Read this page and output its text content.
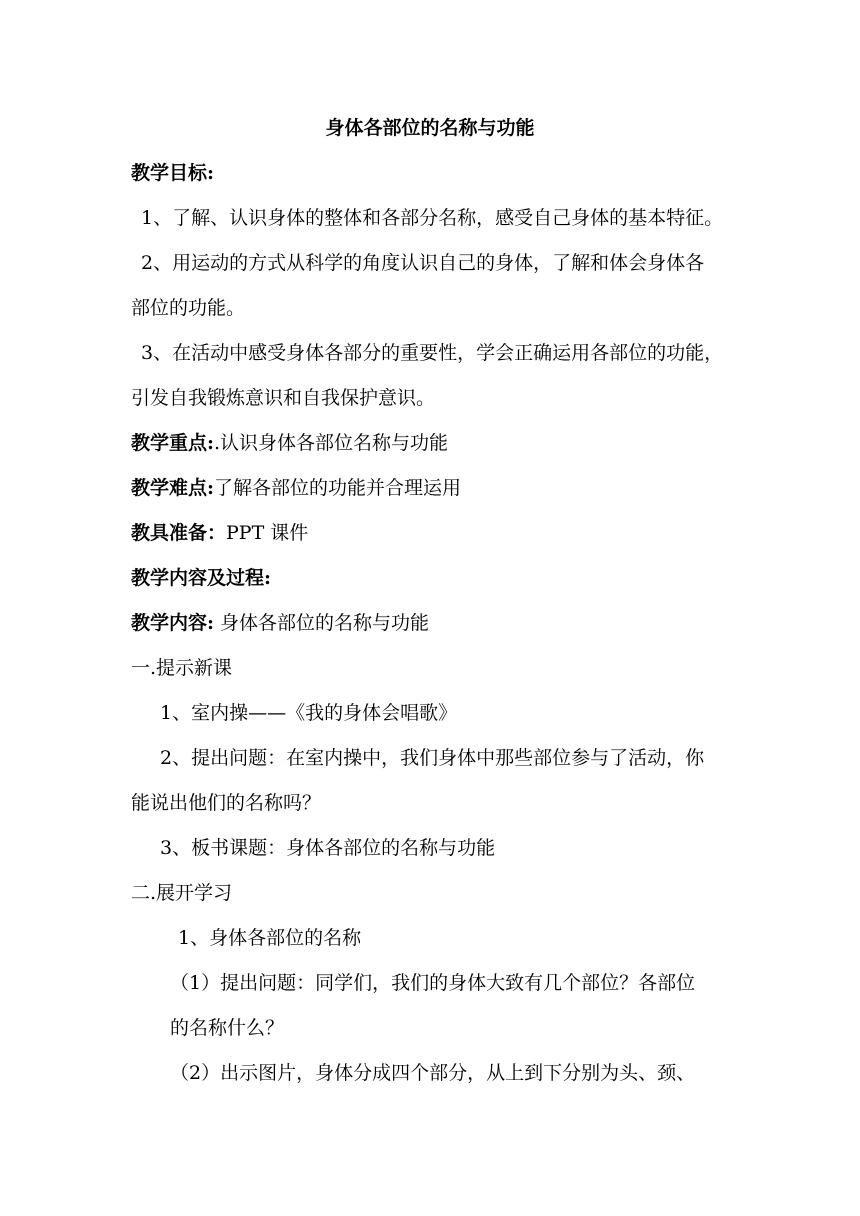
身体各部位的名称与功能
教学目标:
1、了解、认识身体的整体和各部分名称，感受自己身体的基本特征。
2、用运动的方式从科学的角度认识自己的身体，了解和体会身体各
部位的功能。
3、在活动中感受身体各部分的重要性，学会正确运用各部位的功能，
引发自我锻炼意识和自我保护意识。
教学重点:.认识身体各部位名称与功能
教学难点:了解各部位的功能并合理运用
教具准备：PPT 课件
教学内容及过程:
教学内容: 身体各部位的名称与功能
一.提示新课
1、室内操——《我的身体会唱歌》
2、提出问题：在室内操中，我们身体中那些部位参与了活动，你
能说出他们的名称吗？
3、板书课题：身体各部位的名称与功能
二.展开学习
1、身体各部位的名称
（1）提出问题：同学们，我们的身体大致有几个部位？各部位
的名称什么？
（2）出示图片，身体分成四个部分，从上到下分别为头、颈、
